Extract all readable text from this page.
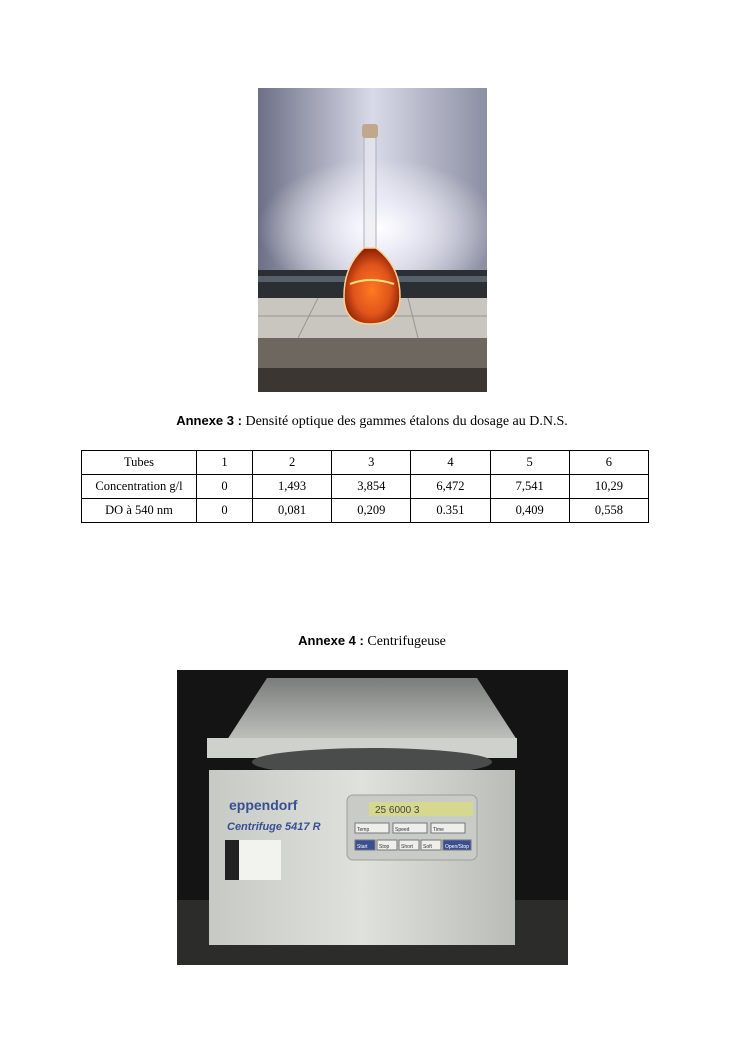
Annexe 3 : Densité optique des gammes étalons du dosage au D.N.S.
Tubes	1	2	3	4	5	6
Concentration g/l	0	1,493	3,854	6,472	7,541	10,29
DO à 540 nm	0	0,081	0,209	0.351	0,409	0,558
Annexe 4 : Centrifugeuse
25 6000 3
Temp	Speed	Time
Start Stop Short Soft	Open/Stop
eppendorf
Centrifuge 5417 R
